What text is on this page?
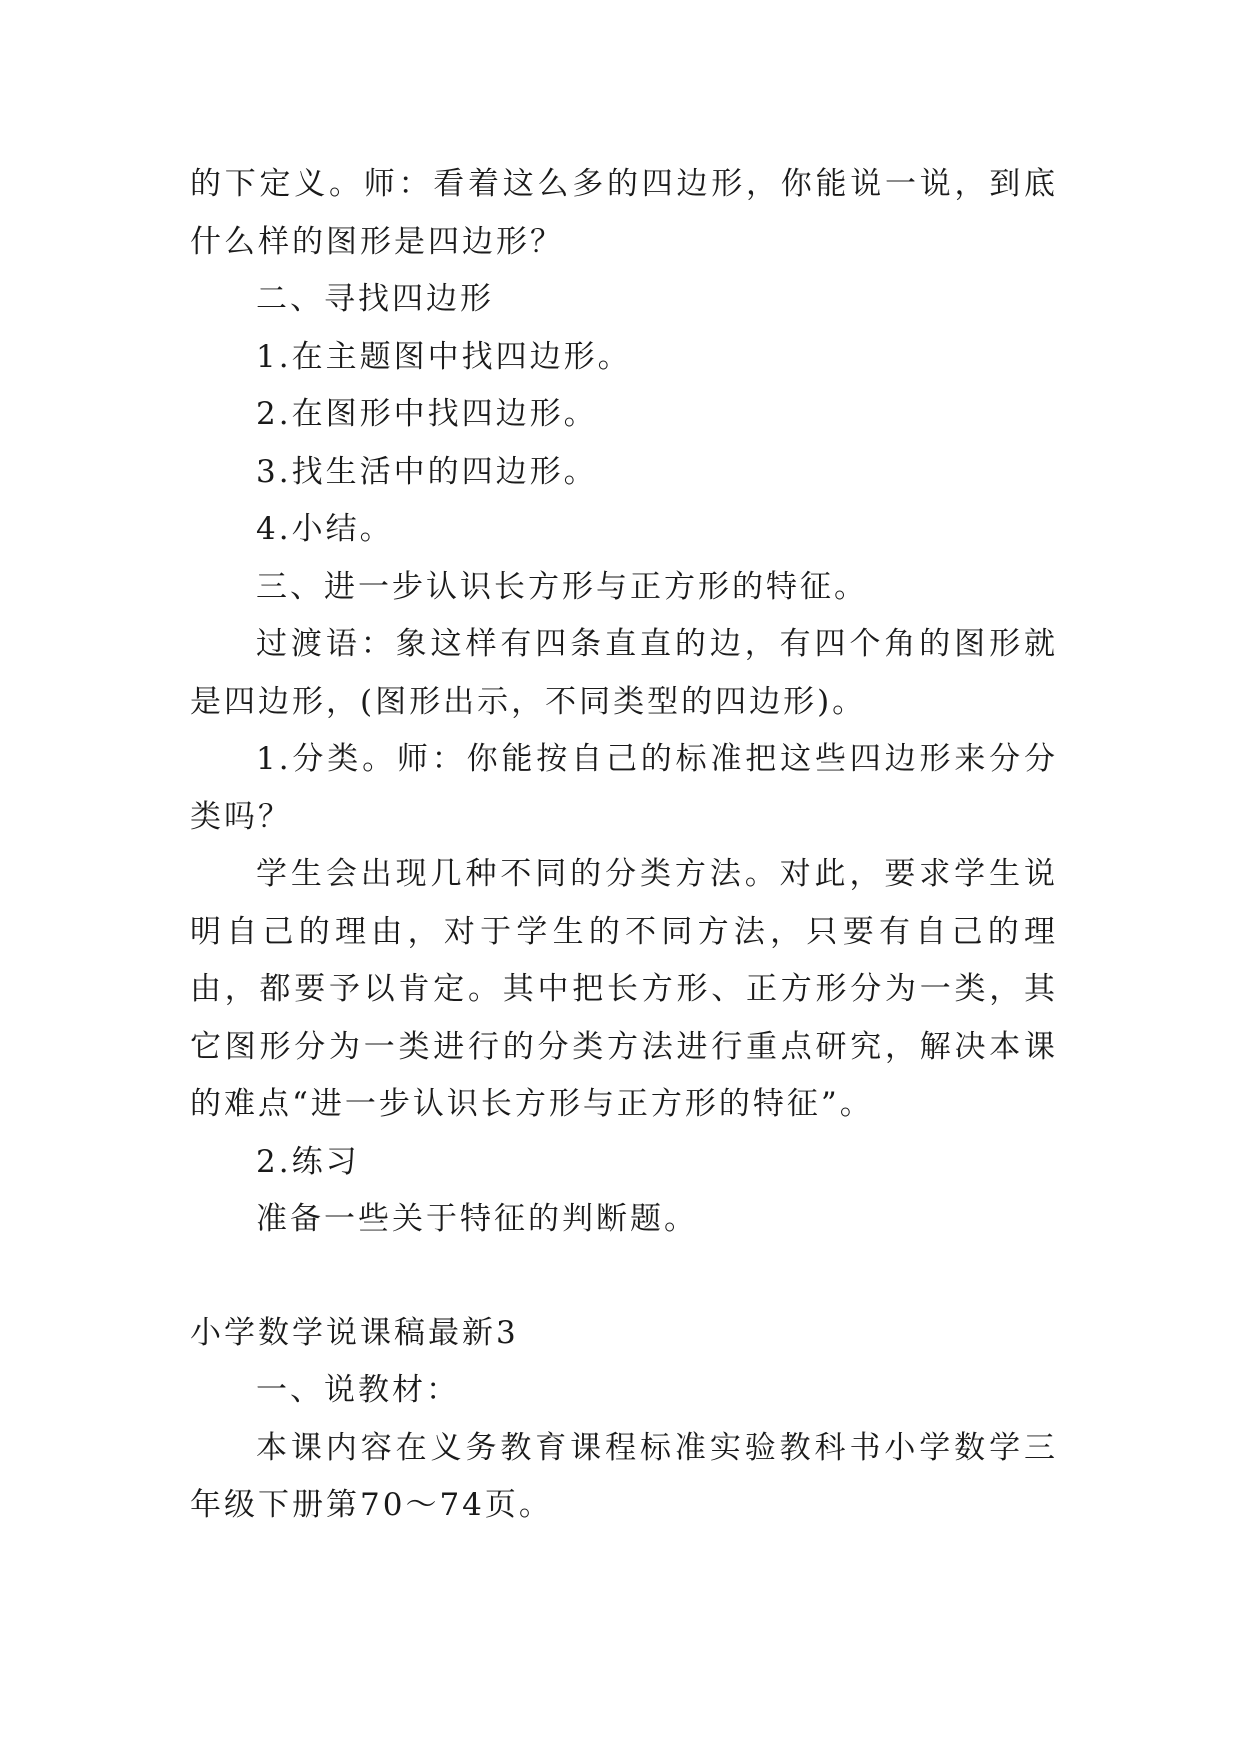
的下定义。师：看着这么多的四边形，你能说一说，到底什么样的图形是四边形？

二、寻找四边形

1.在主题图中找四边形。

2.在图形中找四边形。

3.找生活中的四边形。

4.小结。

三、进一步认识长方形与正方形的特征。

过渡语：象这样有四条直直的边，有四个角的图形就是四边形，(图形出示，不同类型的四边形)。

1.分类。师：你能按自己的标准把这些四边形来分分类吗？

学生会出现几种不同的分类方法。对此，要求学生说明自己的理由，对于学生的不同方法，只要有自己的理由，都要予以肯定。其中把长方形、正方形分为一类，其它图形分为一类进行的分类方法进行重点研究，解决本课的难点“进一步认识长方形与正方形的特征”。

2.练习

准备一些关于特征的判断题。

小学数学说课稿最新3

一、说教材：

本课内容在义务教育课程标准实验教科书小学数学三年级下册第70～74页。
